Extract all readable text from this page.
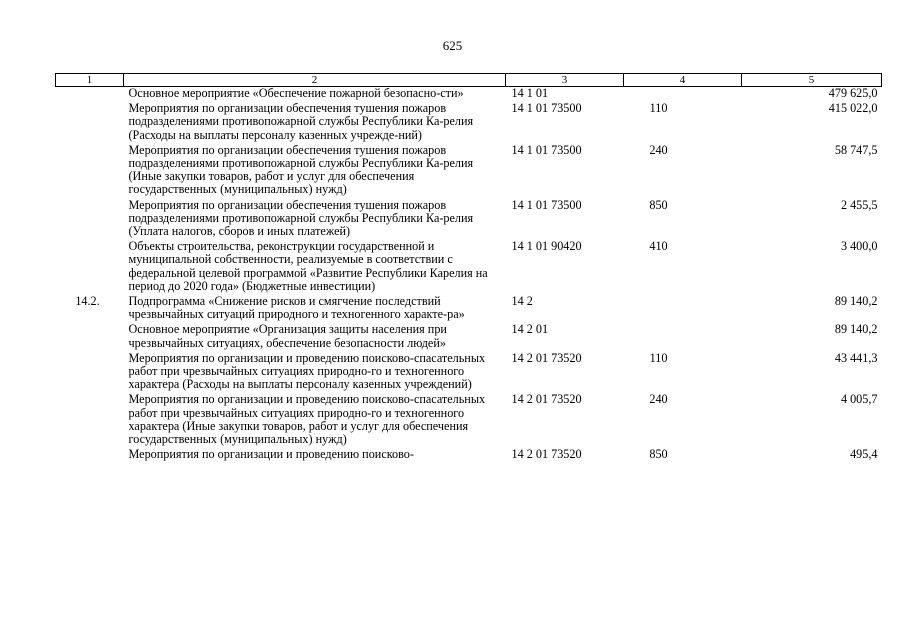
625
1	2	3	4	5
	Основное мероприятие «Обеспечение пожарной безопасно-сти»	14 1 01		479 625,0
	Мероприятия по организации обеспечения тушения пожаров подразделениями противопожарной службы Республики Ка-релия (Расходы на выплаты персоналу казенных учрежде-ний)	14 1 01 73500	110	415 022,0
	Мероприятия по организации обеспечения тушения пожаров подразделениями противопожарной службы Республики Ка-релия (Иные закупки товаров, работ и услуг для обеспечения государственных (муниципальных) нужд)	14 1 01 73500	240	58 747,5
	Мероприятия по организации обеспечения тушения пожаров подразделениями противопожарной службы Республики Ка-релия (Уплата налогов, сборов и иных платежей)	14 1 01 73500	850	2 455,5
	Объекты строительства, реконструкции государственной и муниципальной собственности, реализуемые в соответствии с федеральной целевой программой «Развитие Республики Карелия на период до 2020 года» (Бюджетные инвестиции)	14 1 01 90420	410	3 400,0
14.2.	Подпрограмма «Снижение рисков и смягчение последствий чрезвычайных ситуаций природного и техногенного характе-ра»	14 2		89 140,2
	Основное мероприятие «Организация защиты населения при чрезвычайных ситуациях, обеспечение безопасности людей»	14 2 01		89 140,2
	Мероприятия по организации и проведению поисково-спасательных работ при чрезвычайных ситуациях природно-го и техногенного характера (Расходы на выплаты персоналу казенных учреждений)	14 2 01 73520	110	43 441,3
	Мероприятия по организации и проведению поисково-спасательных работ при чрезвычайных ситуациях природно-го и техногенного характера (Иные закупки товаров, работ и услуг для обеспечения государственных (муниципальных) нужд)	14 2 01 73520	240	4 005,7
	Мероприятия по организации и проведению поисково-	14 2 01 73520	850	495,4
